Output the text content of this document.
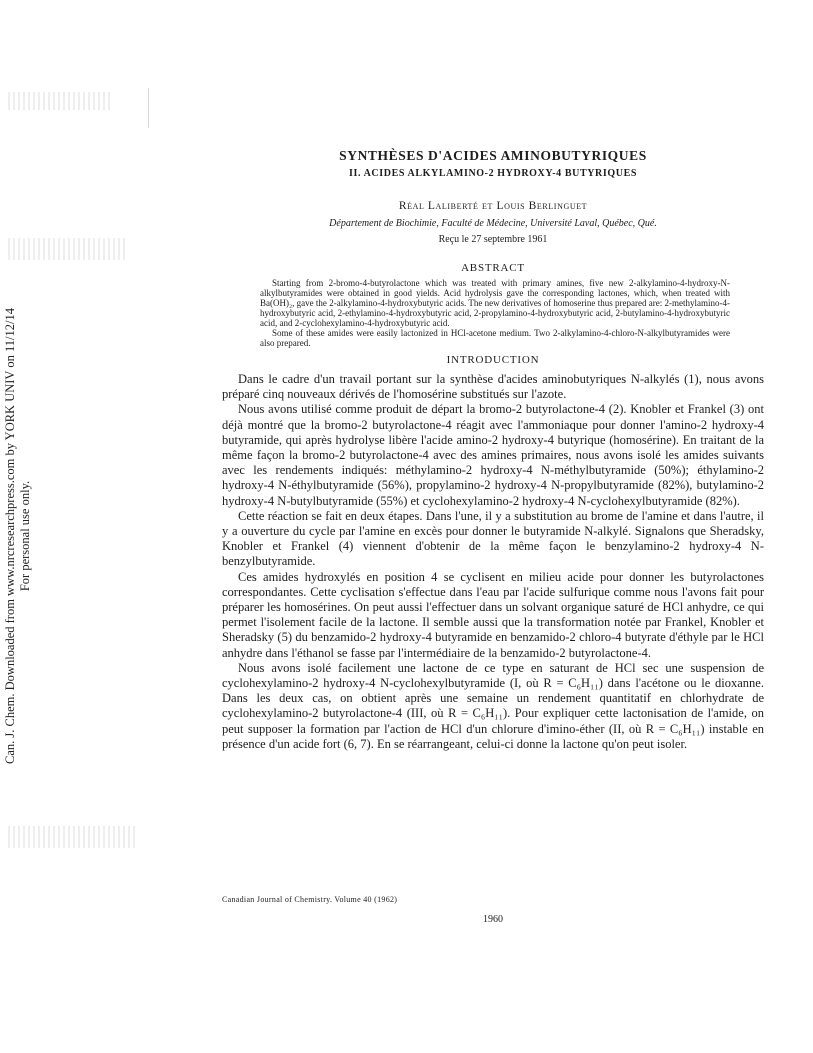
Can. J. Chem. Downloaded from www.nrcresearchpress.com by YORK UNIV on 11/12/14 For personal use only.
SYNTHÈSES D'ACIDES AMINOBUTYRIQUES
II. ACIDES ALKYLAMINO-2 HYDROXY-4 BUTYRIQUES
Réal Laliberté et Louis Berlinguet
Département de Biochimie, Faculté de Médecine, Université Laval, Québec, Qué.
Reçu le 27 septembre 1961
ABSTRACT

Starting from 2-bromo-4-butyrolactone which was treated with primary amines, five new 2-alkylamino-4-hydroxy-N-alkylbutyramides were obtained in good yields. Acid hydrolysis gave the corresponding lactones, which, when treated with Ba(OH)₂, gave the 2-alkylamino-4-hydroxybutyric acids. The new derivatives of homoserine thus prepared are: 2-methylamino-4-hydroxybutyric acid, 2-ethylamino-4-hydroxybutyric acid, 2-propylamino-4-hydroxybutyric acid, 2-butylamino-4-hydroxybutyric acid, and 2-cyclohexylamino-4-hydroxybutyric acid.

Some of these amides were easily lactonized in HCl-acetone medium. Two 2-alkylamino-4-chloro-N-alkylbutyramides were also prepared.

INTRODUCTION

Dans le cadre d'un travail portant sur la synthèse d'acides aminobutyriques N-alkylés (1), nous avons préparé cinq nouveaux dérivés de l'homosérine substitués sur l'azote.

Nous avons utilisé comme produit de départ la bromo-2 butyrolactone-4 (2). Knobler et Frankel (3) ont déjà montré que la bromo-2 butyrolactone-4 réagit avec l'ammoniaque pour donner l'amino-2 hydroxy-4 butyramide, qui après hydrolyse libère l'acide amino-2 hydroxy-4 butyrique (homosérine). En traitant de la même façon la bromo-2 butyrolactone-4 avec des amines primaires, nous avons isolé les amides suivants avec les rendements indiqués: méthylamino-2 hydroxy-4 N-méthylbutyramide (50%); éthylamino-2 hydroxy-4 N-éthylbutyramide (56%), propylamino-2 hydroxy-4 N-propylbutyramide (82%), butylamino-2 hydroxy-4 N-butylbutyramide (55%) et cyclohexylamino-2 hydroxy-4 N-cyclohexylbutyramide (82%).

Cette réaction se fait en deux étapes. Dans l'une, il y a substitution au brome de l'amine et dans l'autre, il y a ouverture du cycle par l'amine en excès pour donner le butyramide N-alkylé. Signalons que Sheradsky, Knobler et Frankel (4) viennent d'obtenir de la même façon le benzylamino-2 hydroxy-4 N-benzylbutyramide.

Ces amides hydroxylés en position 4 se cyclisent en milieu acide pour donner les butyrolactones correspondantes. Cette cyclisation s'effectue dans l'eau par l'acide sulfurique comme nous l'avons fait pour préparer les homosérines. On peut aussi l'effectuer dans un solvant organique saturé de HCl anhydre, ce qui permet l'isolement facile de la lactone. Il semble aussi que la transformation notée par Frankel, Knobler et Sheradsky (5) du benzamido-2 hydroxy-4 butyramide en benzamido-2 chloro-4 butyrate d'éthyle par le HCl anhydre dans l'éthanol se fasse par l'intermédiaire de la benzamido-2 butyrolactone-4.

Nous avons isolé facilement une lactone de ce type en saturant de HCl sec une suspension de cyclohexylamino-2 hydroxy-4 N-cyclohexylbutyramide (I, où R = C₆H₁₁) dans l'acétone ou le dioxanne. Dans les deux cas, on obtient après une semaine un rendement quantitatif en chlorhydrate de cyclohexylamino-2 butyrolactone-4 (III, où R = C₆H₁₁). Pour expliquer cette lactonisation de l'amide, on peut supposer la formation par l'action de HCl d'un chlorure d'imino-éther (II, où R = C₆H₁₁) instable en présence d'un acide fort (6, 7). En se réarrangeant, celui-ci donne la lactone qu'on peut isoler.

Canadian Journal of Chemistry. Volume 40 (1962)
1960
